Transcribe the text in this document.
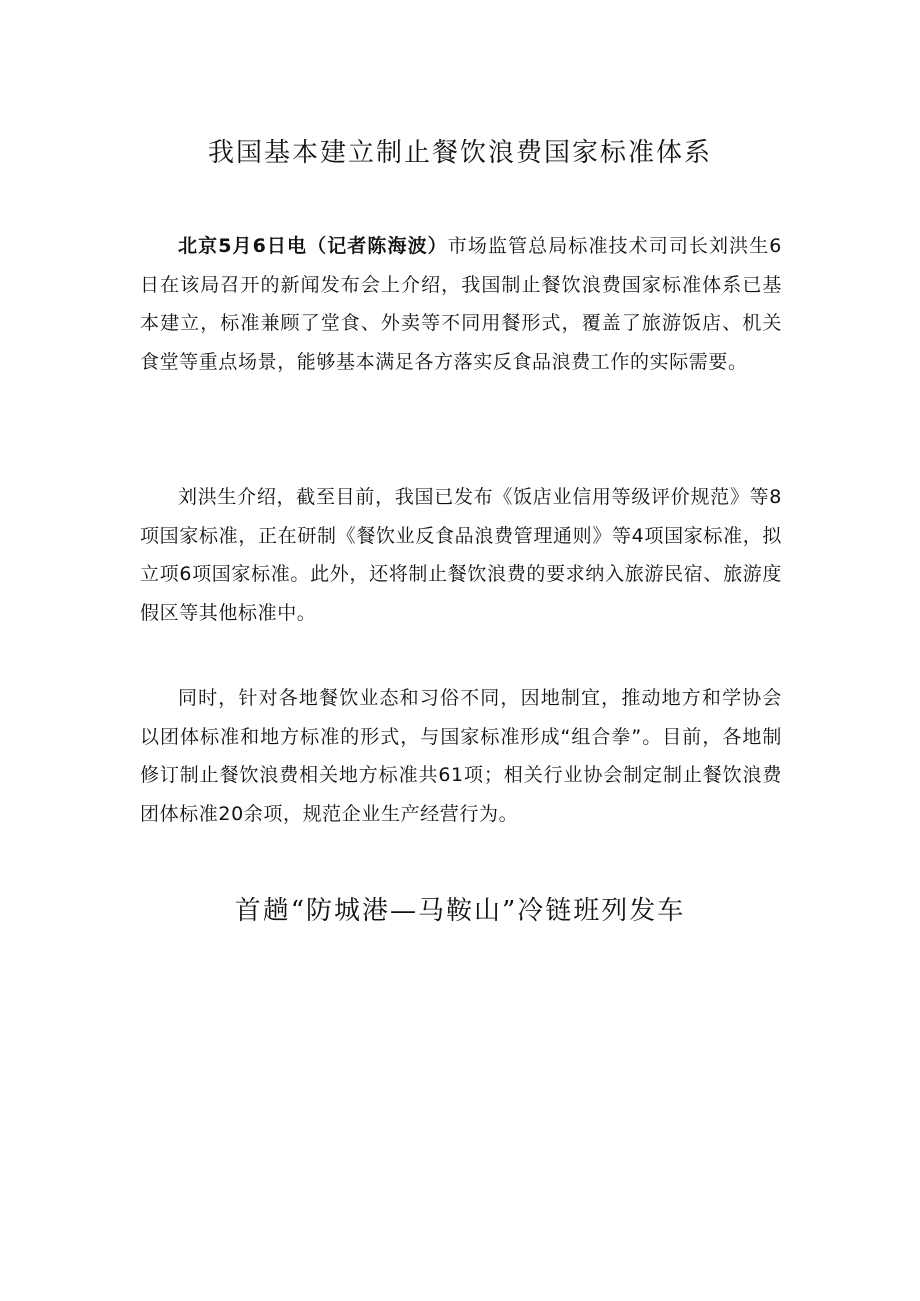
我国基本建立制止餐饮浪费国家标准体系

北京5月6日电（记者陈海波）市场监管总局标准技术司司长刘洪生6日在该局召开的新闻发布会上介绍，我国制止餐饮浪费国家标准体系已基本建立，标准兼顾了堂食、外卖等不同用餐形式，覆盖了旅游饭店、机关食堂等重点场景，能够基本满足各方落实反食品浪费工作的实际需要。

刘洪生介绍，截至目前，我国已发布《饭店业信用等级评价规范》等8项国家标准，正在研制《餐饮业反食品浪费管理通则》等4项国家标准，拟立项6项国家标准。此外，还将制止餐饮浪费的要求纳入旅游民宿、旅游度假区等其他标准中。

同时，针对各地餐饮业态和习俗不同，因地制宜，推动地方和学协会以团体标准和地方标准的形式，与国家标准形成“组合拳”。目前，各地制修订制止餐饮浪费相关地方标准共61项；相关行业协会制定制止餐饮浪费团体标准20余项，规范企业生产经营行为。

首趟“防城港—马鞍山”冷链班列发车
